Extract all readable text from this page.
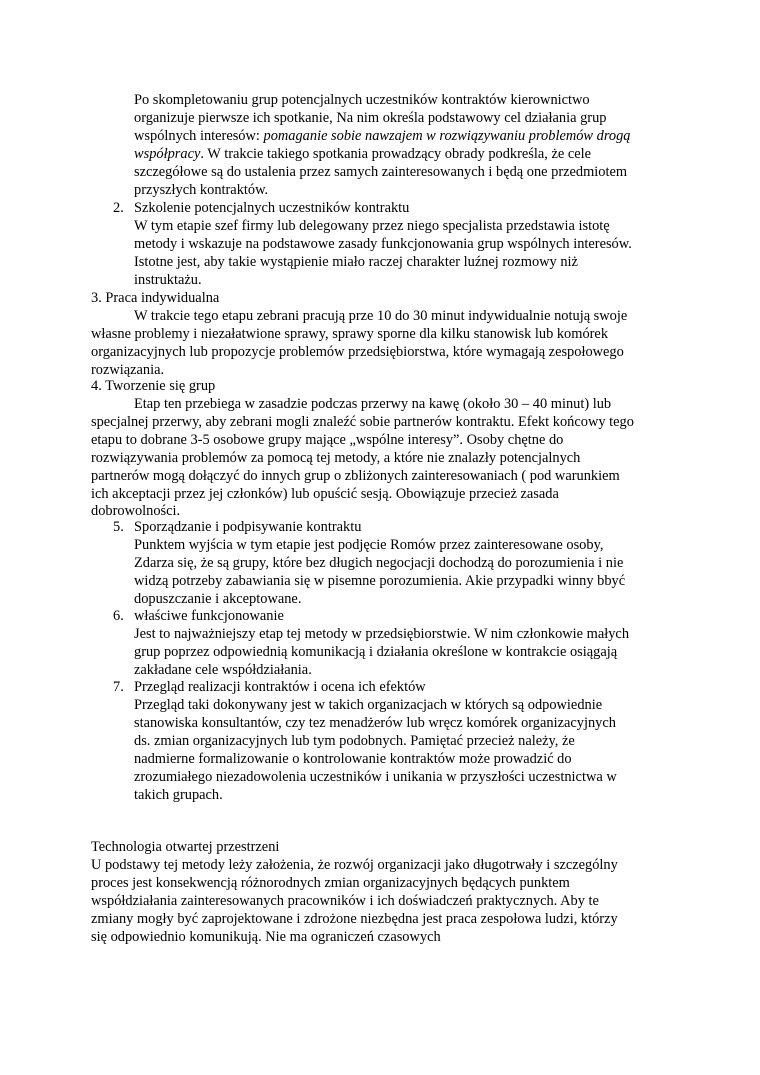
Po skompletowaniu grup potencjalnych uczestników kontraktów kierownictwo
organizuje pierwsze ich spotkanie, Na nim określa podstawowy cel działania grup
wspólnych interesów: pomaganie sobie nawzajem w rozwiązywaniu problemów drogą
współpracy. W trakcie takiego spotkania prowadzący obrady podkreśla, że cele
szczegółowe są do ustalenia przez samych zainteresowanych i będą one przedmiotem
przyszłych kontraktów.
2. Szkolenie potencjalnych uczestników kontraktu
W tym etapie szef firmy lub delegowany przez niego specjalista przedstawia istotę
metody i wskazuje na podstawowe zasady funkcjonowania grup wspólnych interesów.
Istotne jest, aby takie wystąpienie miało raczej charakter luźnej rozmowy niż
instruktażu.
3. Praca indywidualna
W trakcie tego etapu zebrani pracują prze 10 do 30 minut indywidualnie notują swoje
własne problemy i niezałatwione sprawy, sprawy sporne dla kilku stanowisk lub komórek
organizacyjnych lub propozycje problemów przedsiębiorstwa, które wymagają zespołowego
rozwiązania.
4. Tworzenie się grup
Etap ten przebiega w zasadzie podczas przerwy na kawę (około 30 – 40 minut) lub
specjalnej przerwy, aby zebrani mogli znaleźć sobie partnerów kontraktu. Efekt końcowy tego
etapu to dobrane 3-5 osobowe grupy mające „wspólne interesy”. Osoby chętne do
rozwiązywania problemów za pomocą tej metody, a które nie znalazły potencjalnych
partnerów mogą dołączyć do innych grup o zbliżonych zainteresowaniach ( pod warunkiem
ich akceptacji przez jej członków) lub opuścić sesją. Obowiązuje przecież zasada
dobrowolności.
5. Sporządzanie i podpisywanie kontraktu
Punktem wyjścia w tym etapie jest podjęcie Romów przez zainteresowane osoby,
Zdarza się, że są grupy, które bez długich negocjacji dochodzą do porozumienia i nie
widzą potrzeby zabawiania się w pisemne porozumienia. Akie przypadki winny bbyć
dopuszczanie i akceptowane.
6. właściwe funkcjonowanie
Jest to najważniejszy etap tej metody w przedsiębiorstwie. W nim członkowie małych
grup poprzez odpowiednią komunikacją i działania określone w kontrakcie osiągają
zakładane cele współdziałania.
7. Przegląd realizacji kontraktów i ocena ich efektów
Przegląd taki dokonywany jest w takich organizacjach w których są odpowiednie
stanowiska konsultantów, czy tez menadżerów lub wręcz komórek organizacyjnych
ds. zmian organizacyjnych lub tym podobnych. Pamiętać przecież należy, że
nadmierne formalizowanie o kontrolowanie kontraktów może prowadzić do
zrozumiałego niezadowolenia uczestników i unikania w przyszłości uczestnictwa w
takich grupach.
Technologia otwartej przestrzeni
U podstawy tej metody leży założenia, że rozwój organizacji jako długotrwały i szczególny
proces jest konsekwencją różnorodnych zmian organizacyjnych będących punktem
współdziałania zainteresowanych pracowników i ich doświadczeń praktycznych. Aby te
zmiany mogły być zaprojektowane i zdrożone niezbędna jest praca zespołowa ludzi, którzy
się odpowiednio komunikują. Nie ma ograniczeń czasowych
